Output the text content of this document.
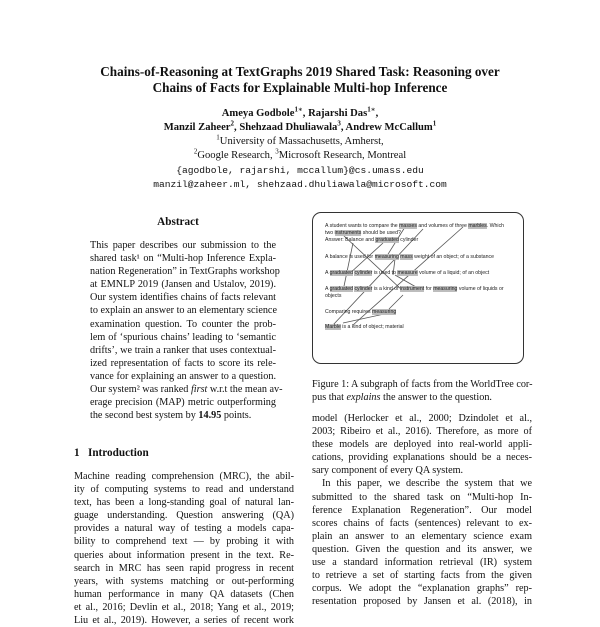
Chains-of-Reasoning at TextGraphs 2019 Shared Task: Reasoning over
Chains of Facts for Explainable Multi-hop Inference
Ameya Godbole$^{1∗}$, Rajarshi Das$^{1∗}$,
Manzil Zaheer$^2$, Shehzaad Dhuliawala$^3$, Andrew McCallum$^1$
$^1$University of Massachusetts, Amherst,
$^2$Google Research, $^3$Microsoft Research, Montreal
{agodbole, rajarshi, mccallum}@cs.umass.edu
manzil@zaheer.ml, shehzaad.dhuliawala@microsoft.com
Abstract
This paper describes our submission to the
shared task¹ on “Multi-hop Inference Expla-
nation Regeneration” in TextGraphs workshop
at EMNLP 2019 (Jansen and Ustalov, 2019).
Our system identifies chains of facts relevant
to explain an answer to an elementary science
examination question. To counter the prob-
lem of ‘spurious chains’ leading to ‘semantic
drifts’, we train a ranker that uses contextual-
ized representation of facts to score its rele-
vance for explaining an answer to a question.
Our system² was ranked first w.r.t the mean av-
erage precision (MAP) metric outperforming
the second best system by 14.95 points.
1 Introduction
Machine reading comprehension (MRC), the abil-
ity of computing systems to read and understand
text, has been a long-standing goal of natural lan-
guage understanding. Question answering (QA)
provides a natural way of testing a models capa-
bility to comprehend text — by probing it with
queries about information present in the text. Re-
search in MRC has seen rapid progress in recent
years, with systems matching or out-performing
human performance in many QA datasets (Chen
et al., 2016; Devlin et al., 2018; Yang et al., 2019;
Liu et al., 2019). However, a series of recent work
A student wants to compare the masses and volumes of three marbles. Which
two instruments should be used?
Answer: Balance and graduated cylinder
A balance is used for measuring mass weight of an object; of a substance
A graduated cylinder is used to measure volume of a liquid; of an object
A graduated cylinder is a kind of instrument for measuring volume of liquids or
objects
Comparing requires measuring
Marble is a kind of object; material
Figure 1: A subgraph of facts from the WorldTree cor-
pus that explains the answer to the question.
model (Herlocker et al., 2000; Dzindolet et al.,
2003; Ribeiro et al., 2016). Therefore, as more of
these models are deployed into real-world appli-
cations, providing explanations should be a neces-
sary component of every QA system.
In this paper, we describe the system that we
submitted to the shared task on “Multi-hop In-
ference Explanation Regeneration”. Our model
scores chains of facts (sentences) relevant to ex-
plain an answer to an elementary science exam
question. Given the question and its answer, we
use a standard information retrieval (IR) system
to retrieve a set of starting facts from the given
corpus. We adopt the “explanation graphs” rep-
resentation proposed by Jansen et al. (2018), in
